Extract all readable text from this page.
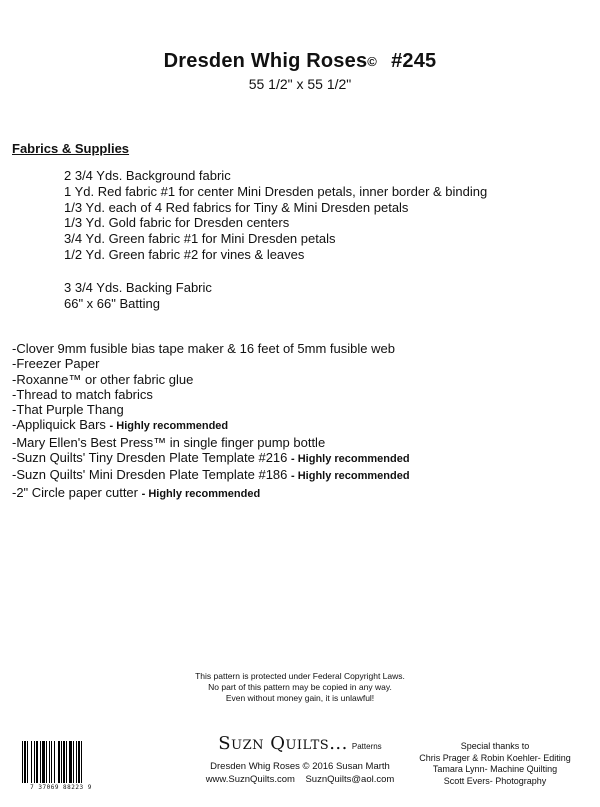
Dresden Whig Roses© #245
55 1/2" x 55 1/2"
Fabrics & Supplies
2 3/4 Yds. Background fabric
1 Yd. Red fabric #1 for center Mini Dresden petals, inner border & binding
1/3 Yd. each of 4 Red fabrics for Tiny & Mini Dresden petals
1/3 Yd. Gold fabric for Dresden centers
3/4 Yd. Green fabric #1 for Mini Dresden petals
1/2 Yd. Green fabric #2 for vines & leaves
3 3/4 Yds. Backing Fabric
66" x 66" Batting
-Clover 9mm fusible bias tape maker & 16 feet of 5mm fusible web
-Freezer Paper
-Roxanne™ or other fabric glue
-Thread to match fabrics
-That Purple Thang
-Appliquick Bars - Highly recommended
-Mary Ellen's Best Press™ in single finger pump bottle
-Suzn Quilts' Tiny Dresden Plate Template #216 - Highly recommended
-Suzn Quilts' Mini Dresden Plate Template #186 - Highly recommended
-2" Circle paper cutter - Highly recommended
This pattern is protected under Federal Copyright Laws.
No part of this pattern may be copied in any way.
Even without money gain, it is unlawful!
7 37069 88223 9
Suzn Quilts... Patterns
Dresden Whig Roses © 2016 Susan Marth
www.SuznQuilts.com    SuznQuilts@aol.com
Special thanks to
Chris Prager & Robin Koehler- Editing
Tamara Lynn- Machine Quilting
Scott Evers- Photography
